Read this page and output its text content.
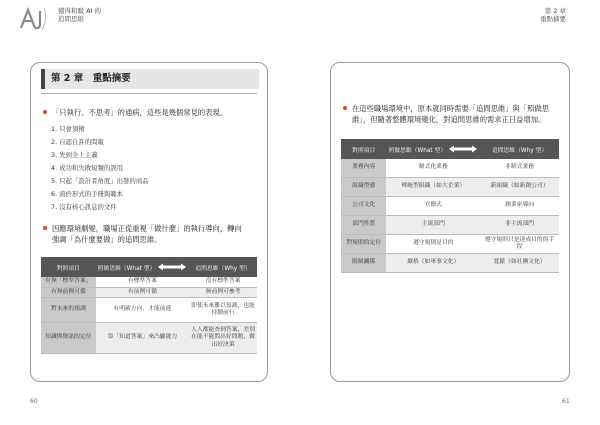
懂得和駁 AI 的
追問思維
第 2 章
重點摘要
第 2 章　重點摘要
「只執行、不思考」的通病，這些是幾個常見的表現。
1. 只會須徵
2. 自認自許的問報
3. 先到全上主義
4. 成功和失敗短類的誤用
5. 只起「設計者角度」出發的商品
6. 流於形式的手冊與範本
7. 沒有核心訊息的文件
因應環境劇變，職場正從重視「做什麼」的執行導向，轉向
強調「為什麼要做」的追問思維。
對照項目	照做思維（What 型）		追問思維（Why 型）
有無「標準答案」	有標準答案		沒有標準答案
有無前例可循	有前例可循		無前例可參考
對未來的預測	有明確方向，才能前進		即使未來難以預測，也能持續前行
知識與資訊的定位	靠「知道答案」來凸顯能力		人人都能查到答案，差別在能不能問出好問題、做出好決策
60
在這些職場環境中，原本就同時需要「追問思維」與「照做思
維」，但隨著整體環境變化，對追問思維的需求正日益增加。
對照項目	照做思維（What 型）		追問思維（Why 型）
業務內容	制式化業務		非制式業務
組織型態	傳統型組織（如大企業）		新組織（如新創公司）
公司文化	官僚式		創業家導向
部門性質	主流部門		非主流部門
對規則的定位	遵守規則是目的		遵守規則只是達成目的的手段
階級關係	嚴格（如軍事文化）		寬鬆（如社團文化）
61
